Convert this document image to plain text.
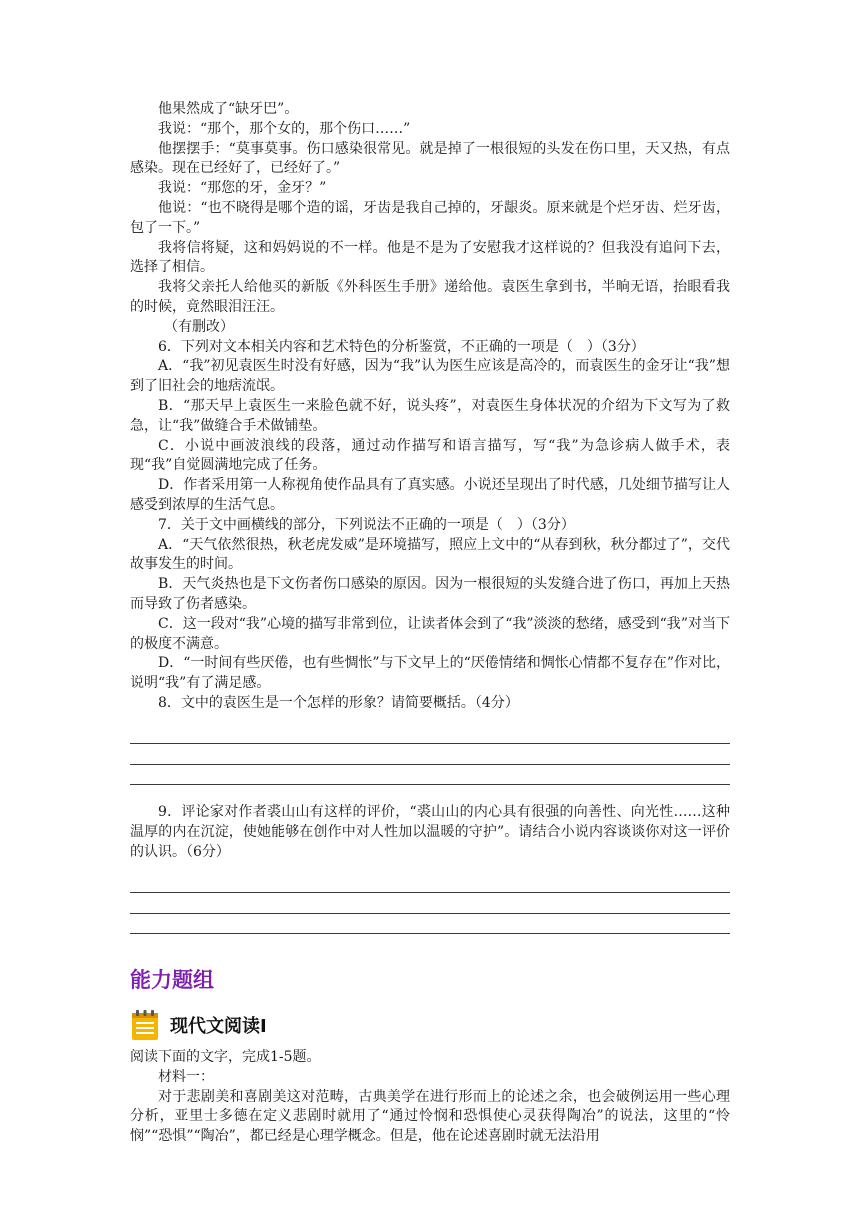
他果然成了“缺牙巴”。

我说：“那个，那个女的，那个伤口……”

他摆摆手：“莫事莫事。伤口感染很常见。就是掉了一根很短的头发在伤口里，天又热，有点感染。现在已经好了，已经好了。”

我说：“那您的牙，金牙？”

他说：“也不晓得是哪个造的谣，牙齿是我自己掉的，牙龈炎。原来就是个烂牙齿、烂牙齿，包了一下。”

我将信将疑，这和妈妈说的不一样。他是不是为了安慰我才这样说的？但我没有追问下去，选择了相信。

我将父亲托人给他买的新版《外科医生手册》递给他。袁医生拿到书，半晌无语，抬眼看我的时候，竟然眼泪汪汪。

（有删改）

6．下列对文本相关内容和艺术特色的分析鉴赏，不正确的一项是（　）（3分）

A．“我”初见袁医生时没有好感，因为“我”认为医生应该是高冷的，而袁医生的金牙让“我”想到了旧社会的地痞流氓。

B．“那天早上袁医生一来脸色就不好，说头疼”，对袁医生身体状况的介绍为下文写为了救急，让“我”做缝合手术做铺垫。

C．小说中画波浪线的段落，通过动作描写和语言描写，写“我”为急诊病人做手术，表现“我”自觉圆满地完成了任务。

D．作者采用第一人称视角使作品具有了真实感。小说还呈现出了时代感，几处细节描写让人感受到浓厚的生活气息。

7．关于文中画横线的部分，下列说法不正确的一项是（　）（3分）

A．“天气依然很热，秋老虎发威”是环境描写，照应上文中的“从春到秋，秋分都过了”，交代故事发生的时间。

B．天气炎热也是下文伤者伤口感染的原因。因为一根很短的头发缝合进了伤口，再加上天热而导致了伤者感染。

C．这一段对“我”心境的描写非常到位，让读者体会到了“我”淡淡的愁绪，感受到“我”对当下的极度不满意。

D．“一时间有些厌倦，也有些惆怅”与下文早上的“厌倦情绪和惆怅心情都不复存在”作对比，说明“我”有了满足感。

8．文中的袁医生是一个怎样的形象？请简要概括。（4分）

9．评论家对作者裘山山有这样的评价，“裘山山的内心具有很强的向善性、向光性……这种温厚的内在沉淀，使她能够在创作中对人性加以温暖的守护”。请结合小说内容谈谈你对这一评价的认识。（6分）

能力题组
现代文阅读Ⅰ

阅读下面的文字，完成1-5题。

材料一：

对于悲剧美和喜剧美这对范畴，古典美学在进行形而上的论述之余，也会破例运用一些心理分析，亚里士多德在定义悲剧时就用了“通过怜悯和恐惧使心灵获得陶冶”的说法，这里的“怜悯”“恐惧”“陶冶”，都已经是心理学概念。但是，他在论述喜剧时就无法沿用
